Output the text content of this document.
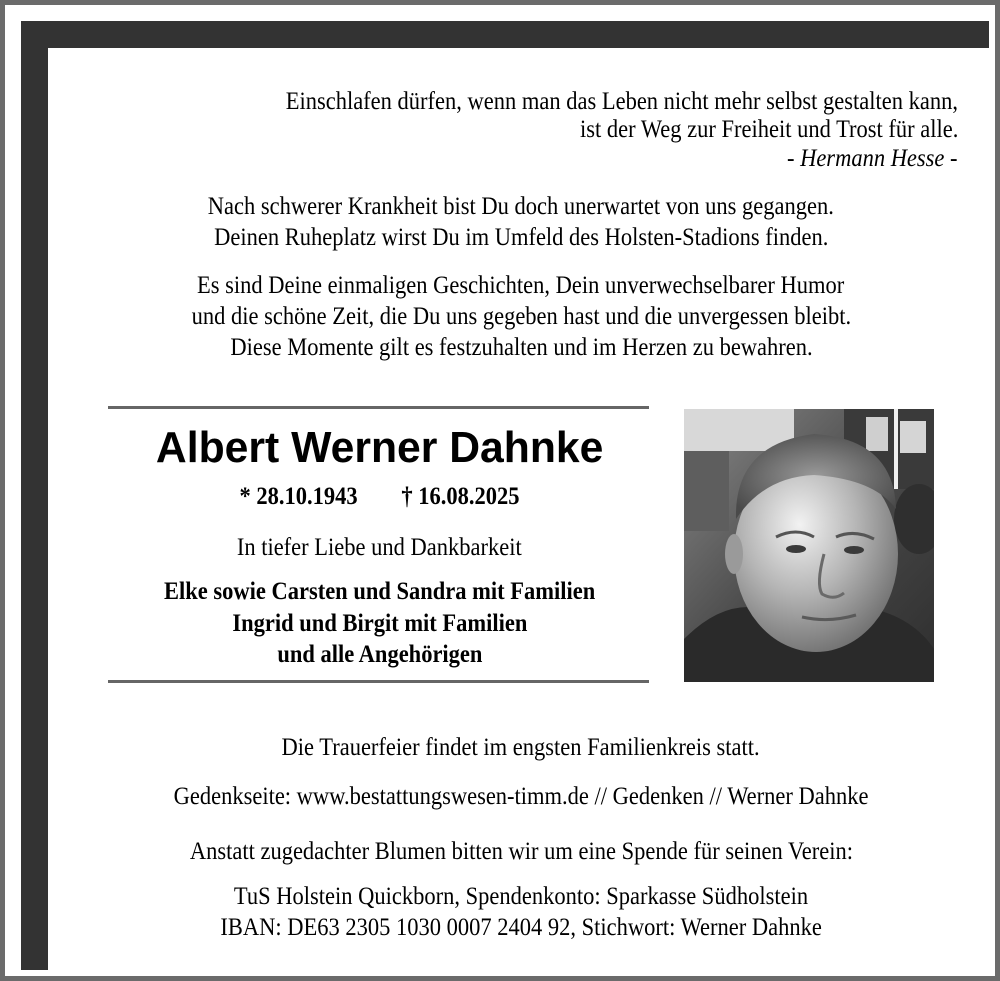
Einschlafen dürfen, wenn man das Leben nicht mehr selbst gestalten kann,
ist der Weg zur Freiheit und Trost für alle.
- Hermann Hesse -
Nach schwerer Krankheit bist Du doch unerwartet von uns gegangen.
Deinen Ruheplatz wirst Du im Umfeld des Holsten-Stadions finden.
Es sind Deine einmaligen Geschichten, Dein unverwechselbarer Humor
und die schöne Zeit, die Du uns gegeben hast und die unvergessen bleibt.
Diese Momente gilt es festzuhalten und im Herzen zu bewahren.
Albert Werner Dahnke
* 28.10.1943 † 16.08.2025
In tiefer Liebe und Dankbarkeit
Elke sowie Carsten und Sandra mit Familien
Ingrid und Birgit mit Familien
und alle Angehörigen
Die Trauerfeier findet im engsten Familienkreis statt.
Gedenkseite: www.bestattungswesen-timm.de // Gedenken // Werner Dahnke
Anstatt zugedachter Blumen bitten wir um eine Spende für seinen Verein:
TuS Holstein Quickborn, Spendenkonto: Sparkasse Südholstein
IBAN: DE63 2305 1030 0007 2404 92, Stichwort: Werner Dahnke
